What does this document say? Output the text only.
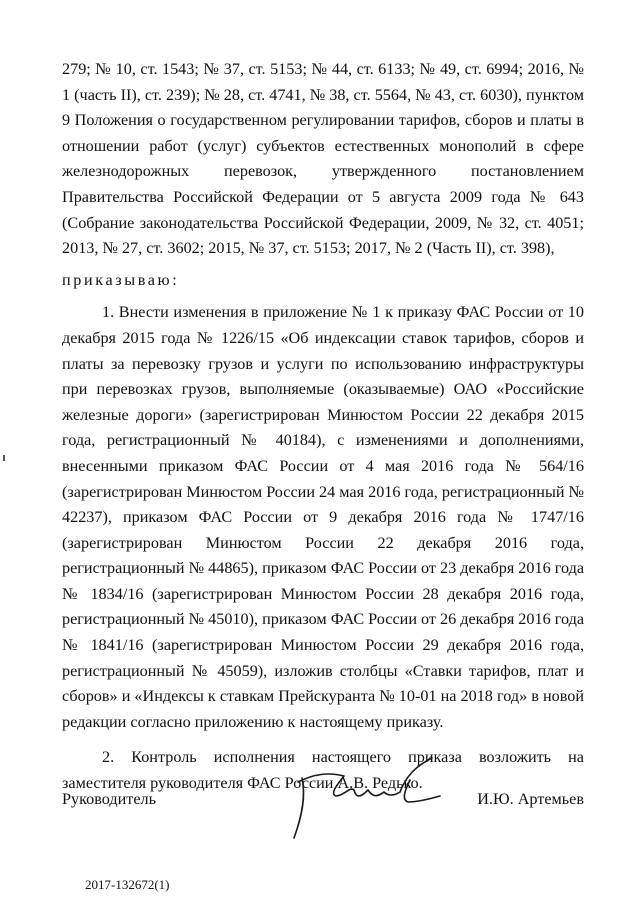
279; № 10, ст. 1543; № 37, ст. 5153; № 44, ст. 6133; № 49, ст. 6994; 2016, № 1 (часть II), ст. 239); № 28, ст. 4741, № 38, ст. 5564, № 43, ст. 6030), пунктом 9 Положения о государственном регулировании тарифов, сборов и платы в отношении работ (услуг) субъектов естественных монополий в сфере железнодорожных перевозок, утвержденного постановлением Правительства Российской Федерации от 5 августа 2009 года № 643 (Собрание законодательства Российской Федерации, 2009, № 32, ст. 4051; 2013, № 27, ст. 3602; 2015, № 37, ст. 5153; 2017, № 2 (Часть II), ст. 398),

приказываю:

1. Внести изменения в приложение № 1 к приказу ФАС России от 10 декабря 2015 года № 1226/15 «Об индексации ставок тарифов, сборов и платы за перевозку грузов и услуги по использованию инфраструктуры при перевозках грузов, выполняемые (оказываемые) ОАО «Российские железные дороги» (зарегистрирован Минюстом России 22 декабря 2015 года, регистрационный № 40184), с изменениями и дополнениями, внесенными приказом ФАС России от 4 мая 2016 года № 564/16 (зарегистрирован Минюстом России 24 мая 2016 года, регистрационный № 42237), приказом ФАС России от 9 декабря 2016 года № 1747/16 (зарегистрирован Минюстом России 22 декабря 2016 года, регистрационный № 44865), приказом ФАС России от 23 декабря 2016 года № 1834/16 (зарегистрирован Минюстом России 28 декабря 2016 года, регистрационный № 45010), приказом ФАС России от 26 декабря 2016 года № 1841/16 (зарегистрирован Минюстом России 29 декабря 2016 года, регистрационный № 45059), изложив столбцы «Ставки тарифов, плат и сборов» и «Индексы к ставкам Прейскуранта № 10-01 на 2018 год» в новой редакции согласно приложению к настоящему приказу.

2. Контроль исполнения настоящего приказа возложить на заместителя руководителя ФАС России А.В. Редько.

Руководитель	И.Ю. Артемьев
2017-132672(1)
